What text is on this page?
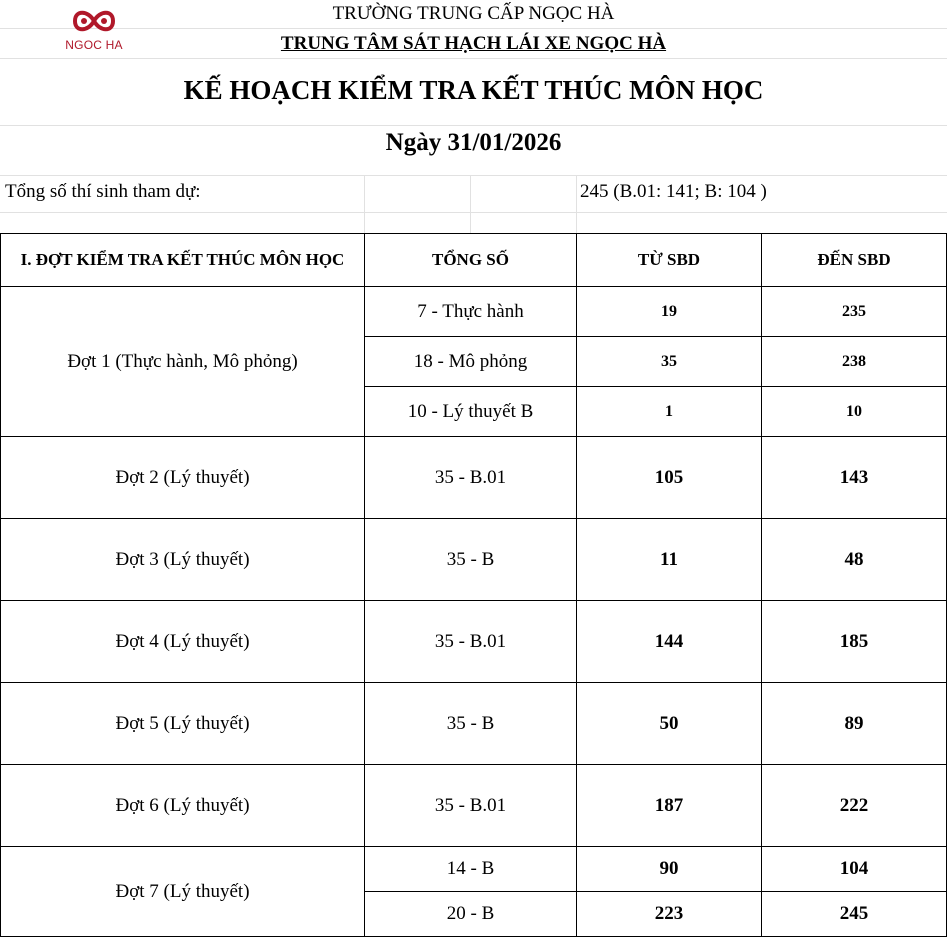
NGOC HA
TRƯỜNG TRUNG CẤP NGỌC HÀ
TRUNG TÂM SÁT HẠCH LÁI XE NGỌC HÀ
KẾ HOẠCH KIỂM TRA KẾT THÚC MÔN HỌC
Ngày 31/01/2026
Tổng số thí sinh tham dự:	245 (B.01: 141; B: 104 )
I. ĐỢT KIỂM TRA KẾT THÚC MÔN HỌC	TỔNG SỐ	TỪ SBD	ĐẾN SBD
Đợt 1 (Thực hành, Mô phỏng)	7 - Thực hành	19	235
	18 - Mô phỏng	35	238
	10 - Lý thuyết B	1	10
Đợt 2 (Lý thuyết)	35 - B.01	105	143
Đợt 3 (Lý thuyết)	35 - B	11	48
Đợt 4 (Lý thuyết)	35 - B.01	144	185
Đợt 5 (Lý thuyết)	35 - B	50	89
Đợt 6 (Lý thuyết)	35 - B.01	187	222
Đợt 7 (Lý thuyết)	14 - B	90	104
	20 - B	223	245
